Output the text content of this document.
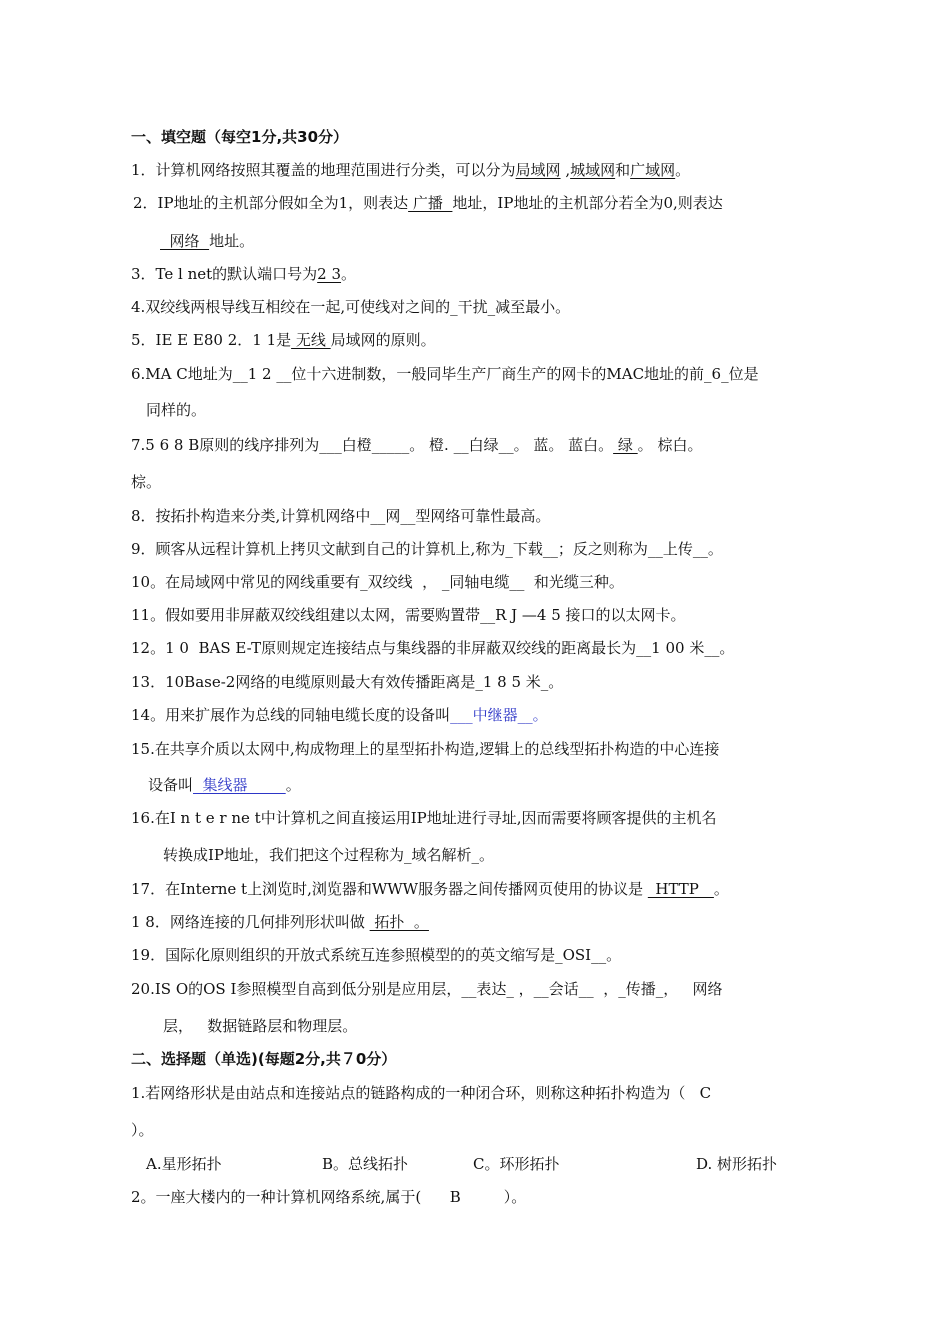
一、填空题（每空1分,共30分）
1．计算机网络按照其覆盖的地理范围进行分类，可以分为局域网 ,城域网和广域网。
2．IP地址的主机部分假如全为1，则表达 广播  地址，IP地址的主机部分若全为0,则表达
网络  地址。
3．Te l net的默认端口号为2 3。
4.双绞线两根导线互相绞在一起,可使线对之间的_干扰_减至最小。
5．IE E E80 2．1 1是 无线 局域网的原则。
6.MA C地址为__1 2 __位十六进制数，一般同毕生产厂商生产的网卡的MAC地址的前_6_位是
同样的。
7.5 6 8 B原则的线序排列为___白橙_____。 橙. __白绿__。 蓝。 蓝白。 绿 。 棕白。
棕。
8．按拓扑构造来分类,计算机网络中__网__型网络可靠性最高。
9．顾客从远程计算机上拷贝文献到自己的计算机上,称为_下载__；反之则称为__上传__。
10。在局域网中常见的网线重要有_双绞线  ， _同轴电缆__  和光缆三种。
11。假如要用非屏蔽双绞线组建以太网，需要购置带__R J —4 5 接口的以太网卡。
12。1 0  BAS E-T原则规定连接结点与集线器的非屏蔽双绞线的距离最长为__1 00 米__。
13．10Base-2网络的电缆原则最大有效传播距离是_1 8 5 米_。
14。用来扩展作为总线的同轴电缆长度的设备叫___中继器__。
15.在共享介质以太网中,构成物理上的星型拓扑构造,逻辑上的总线型拓扑构造的中心连接
设备叫  集线器        。
16.在I n t e r ne t中计算机之间直接运用IP地址进行寻址,因而需要将顾客提供的主机名
转换成IP地址，我们把这个过程称为_域名解析_。
17．在Interne t上浏览时,浏览器和WWW服务器之间传播网页使用的协议是 _HTTP__。
1 8．网络连接的几何排列形状叫做  拓扑  。
19．国际化原则组织的开放式系统互连参照模型的的英文缩写是_OSI__。
20.IS O的OS I参照模型自高到低分别是应用层，__表达_ ，__会话__  ，_传播_，   网络
层，   数据链路层和物理层。
二、选择题（单选)(每题2分,共７0分）
1.若网络形状是由站点和连接站点的链路构成的一种闭合环，则称这种拓扑构造为（   C
）。
A.星形拓扑	B。总线拓扑	C。环形拓扑	D. 树形拓扑
2。一座大楼内的一种计算机网络系统,属于(      B         ）。
